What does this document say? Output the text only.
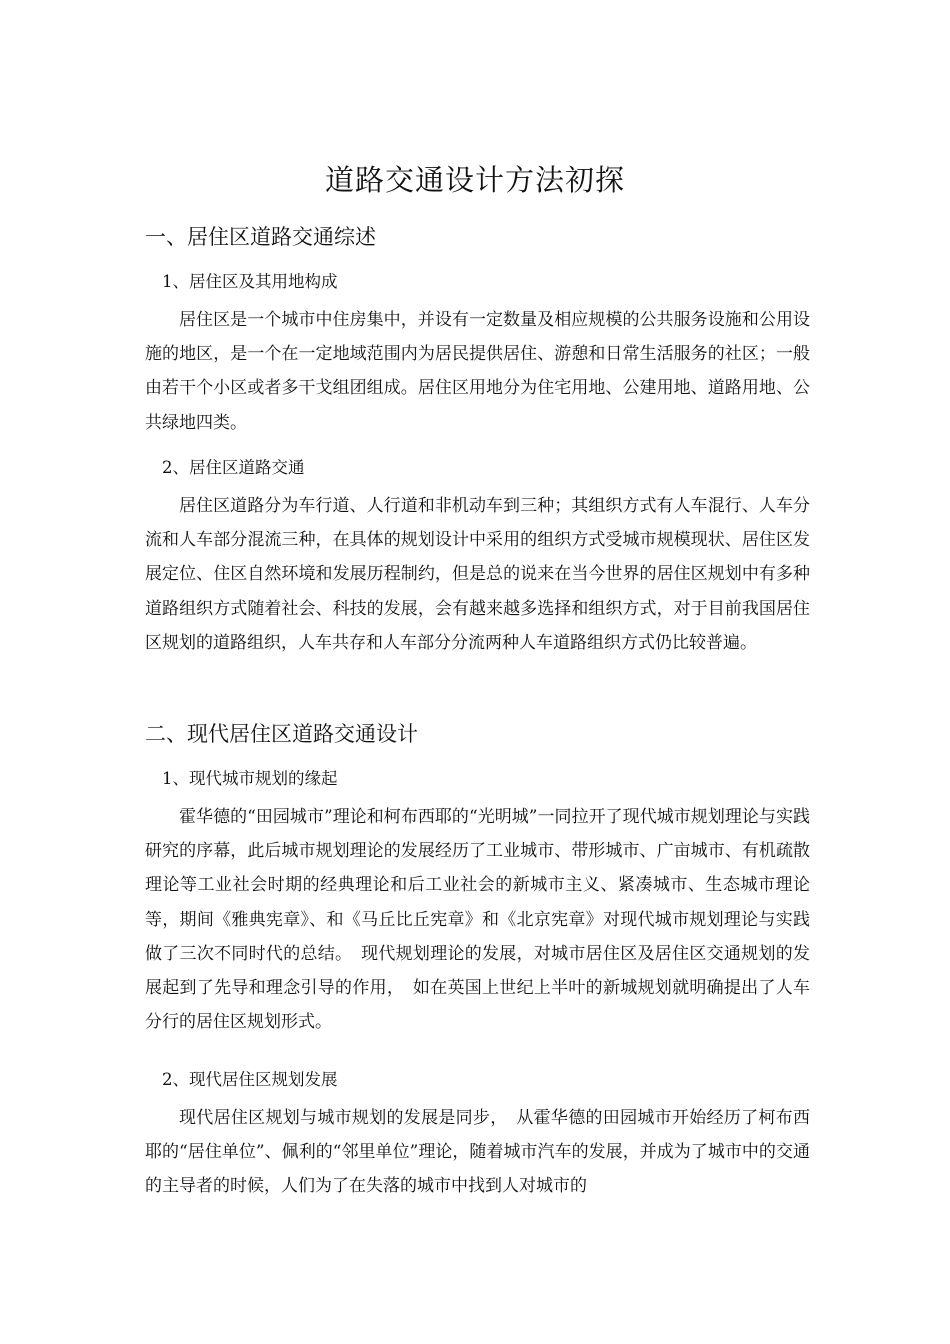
道路交通设计方法初探
一、居住区道路交通综述
1、居住区及其用地构成

居住区是一个城市中住房集中，并设有一定数量及相应规模的公共服务设施和公用设施的地区，是一个在一定地域范围内为居民提供居住、游憩和日常生活服务的社区；一般由若干个小区或者多干戈组团组成。居住区用地分为住宅用地、公建用地、道路用地、公共绿地四类。

2、居住区道路交通

居住区道路分为车行道、人行道和非机动车到三种；其组织方式有人车混行、人车分流和人车部分混流三种，在具体的规划设计中采用的组织方式受城市规模现状、居住区发展定位、住区自然环境和发展历程制约，但是总的说来在当今世界的居住区规划中有多种道路组织方式随着社会、科技的发展，会有越来越多选择和组织方式，对于目前我国居住区规划的道路组织，人车共存和人车部分分流两种人车道路组织方式仍比较普遍。

二、现代居住区道路交通设计
1、现代城市规划的缘起

霍华德的“田园城市”理论和柯布西耶的“光明城”一同拉开了现代城市规划理论与实践研究的序幕，此后城市规划理论的发展经历了工业城市、带形城市、广亩城市、有机疏散理论等工业社会时期的经典理论和后工业社会的新城市主义、紧凑城市、生态城市理论等，期间《雅典宪章》、和《马丘比丘宪章》和《北京宪章》对现代城市规划理论与实践做了三次不同时代的总结。　现代规划理论的发展，对城市居住区及居住区交通规划的发展起到了先导和理念引导的作用，　如在英国上世纪上半叶的新城规划就明确提出了人车分行的居住区规划形式。

2、现代居住区规划发展

现代居住区规划与城市规划的发展是同步，　从霍华德的田园城市开始经历了柯布西耶的“居住单位”、佩利的“邻里单位”理论，随着城市汽车的发展，并成为了城市中的交通的主导者的时候，人们为了在失落的城市中找到人对城市的
